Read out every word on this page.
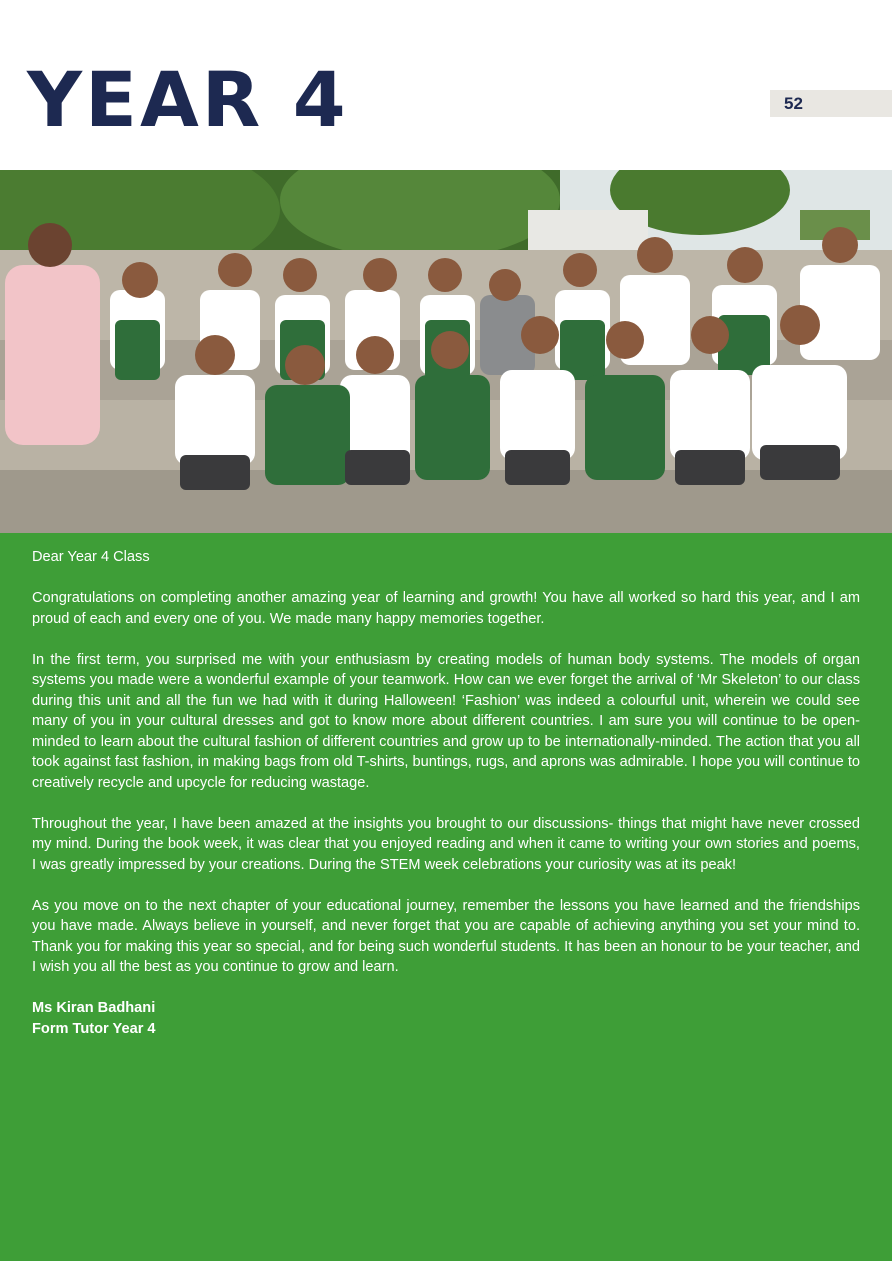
YEAR 4	52

Dear Year 4 Class

Congratulations on completing another amazing year of learning and growth! You have all worked so hard this year, and I am proud of each and every one of you. We made many happy memories together.

In the first term, you surprised me with your enthusiasm by creating models of human body systems. The models of organ systems you made were a wonderful example of your teamwork. How can we ever forget the arrival of ‘Mr Skeleton’ to our class during this unit and all the fun we had with it during Halloween! ‘Fashion’ was indeed a colourful unit, wherein we could see many of you in your cultural dresses and got to know more about different countries. I am sure you will continue to be open-minded to learn about the cultural fashion of different countries and grow up to be internationally-minded. The action that you all took against fast fashion, in making bags from old T-shirts, buntings, rugs, and aprons was admirable. I hope you will continue to creatively recycle and upcycle for reducing wastage.

Throughout the year, I have been amazed at the insights you brought to our discussions- things that might have never crossed my mind. During the book week, it was clear that you enjoyed reading and when it came to writing your own stories and poems, I was greatly impressed by your creations. During the STEM week celebrations your curiosity was at its peak!

As you move on to the next chapter of your educational journey, remember the lessons you have learned and the friendships you have made. Always believe in yourself, and never forget that you are capable of achieving anything you set your mind to. Thank you for making this year so special, and for being such wonderful students. It has been an honour to be your teacher, and I wish you all the best as you continue to grow and learn.

Ms Kiran Badhani
Form Tutor Year 4
